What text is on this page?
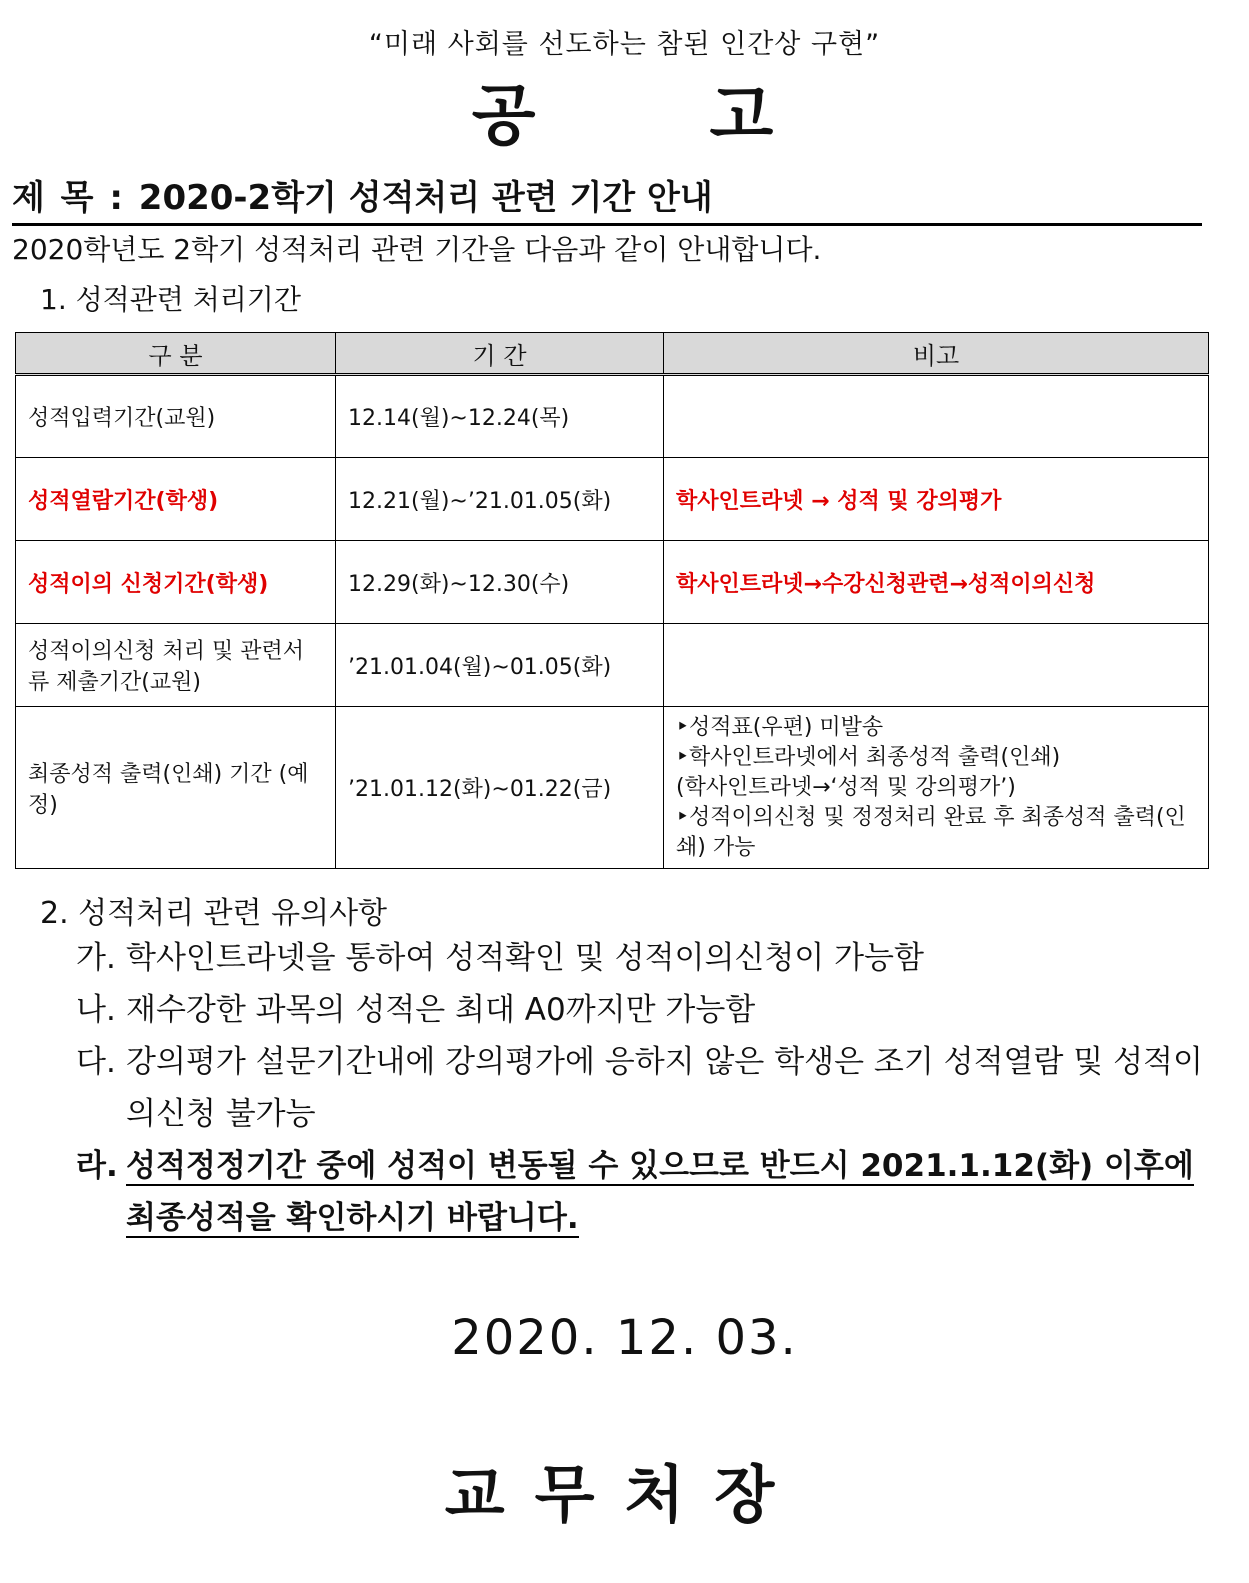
“미래 사회를 선도하는 참된 인간상 구현”
공	고
제 목 : 2020-2학기 성적처리 관련 기간 안내
2020학년도 2학기 성적처리 관련 기간을 다음과 같이 안내합니다.
1. 성적관련 처리기간
구 분	기 간	비고
성적입력기간(교원)	12.14(월)~12.24(목)	
성적열람기간(학생)	12.21(월)~’21.01.05(화)	학사인트라넷 → 성적 및 강의평가
성적이의 신청기간(학생)	12.29(화)~12.30(수)	학사인트라넷→수강신청관련→성적이의신청
성적이의신청 처리 및 관련서류 제출기간(교원)	’21.01.04(월)~01.05(화)	
최종성적 출력(인쇄) 기간 (예정)	’21.01.12(화)~01.22(금)	‣성적표(우편) 미발송
‣학사인트라넷에서 최종성적 출력(인쇄)
(학사인트라넷→‘성적 및 강의평가’)
‣성적이의신청 및 정정처리 완료 후 최종성적 출력(인쇄) 가능
2. 성적처리 관련 유의사항
가. 학사인트라넷을 통하여 성적확인 및 성적이의신청이 가능함
나. 재수강한 과목의 성적은 최대 A0까지만 가능함
다. 강의평가 설문기간내에 강의평가에 응하지 않은 학생은 조기 성적열람 및 성적이의신청 불가능
라. 성적정정기간 중에 성적이 변동될 수 있으므로 반드시 2021.1.12(화) 이후에 최종성적을 확인하시기 바랍니다.
2020. 12. 03.
교무처장
